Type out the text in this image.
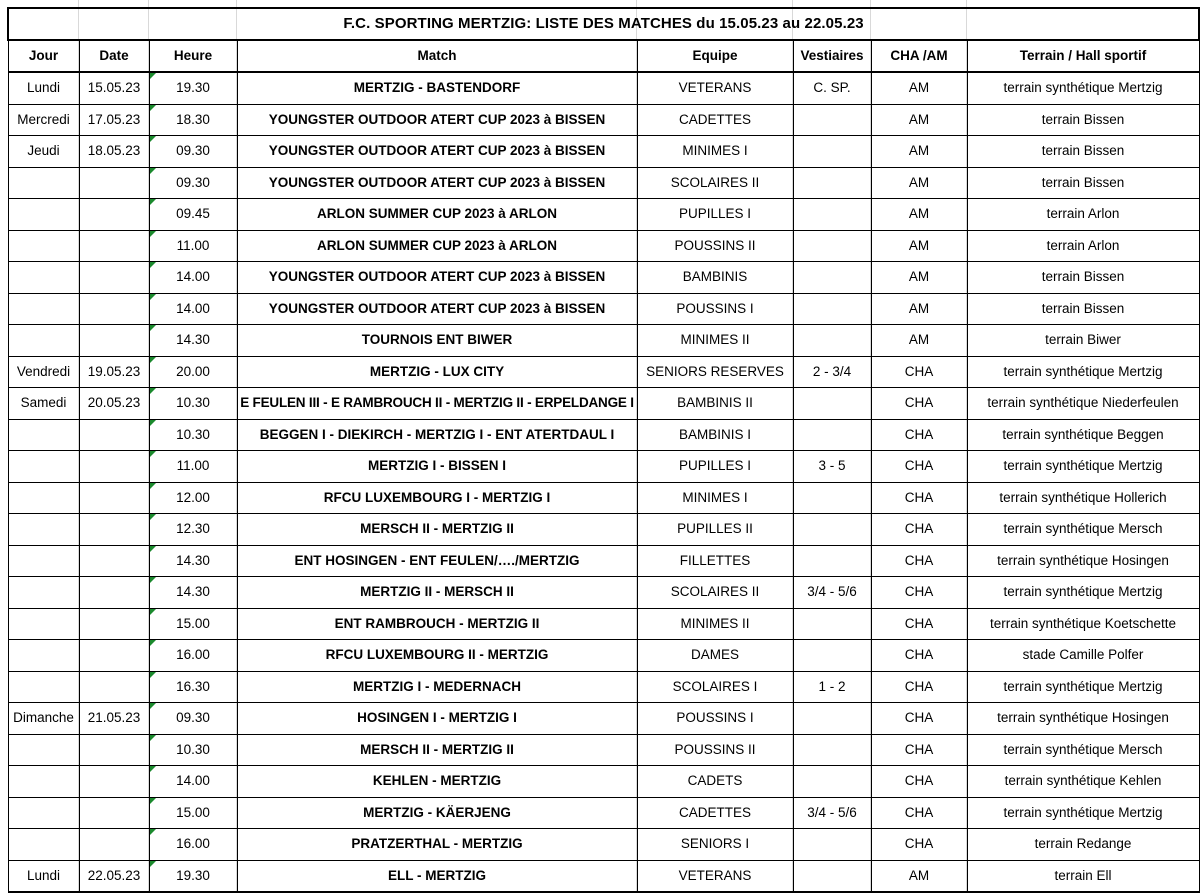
F.C. SPORTING MERTZIG: LISTE DES MATCHES du 15.05.23 au 22.05.23							
Jour	Date	Heure	Match	Equipe	Vestiaires	CHA /AM	Terrain / Hall sportif
Lundi	15.05.23	19.30	MERTZIG - BASTENDORF	VETERANS	C. SP.	AM	terrain synthétique Mertzig
Mercredi	17.05.23	18.30	YOUNGSTER OUTDOOR ATERT CUP 2023 à BISSEN	CADETTES		AM	terrain Bissen
Jeudi	18.05.23	09.30	YOUNGSTER OUTDOOR ATERT CUP 2023 à BISSEN	MINIMES I		AM	terrain Bissen
		09.30	YOUNGSTER OUTDOOR ATERT CUP 2023 à BISSEN	SCOLAIRES II		AM	terrain Bissen
		09.45	ARLON SUMMER CUP 2023 à ARLON	PUPILLES I		AM	terrain Arlon
		11.00	ARLON SUMMER CUP 2023 à ARLON	POUSSINS II		AM	terrain Arlon
		14.00	YOUNGSTER OUTDOOR ATERT CUP 2023 à BISSEN	BAMBINIS		AM	terrain Bissen
		14.00	YOUNGSTER OUTDOOR ATERT CUP 2023 à BISSEN	POUSSINS I		AM	terrain Bissen
		14.30	TOURNOIS ENT BIWER	MINIMES II		AM	terrain Biwer
Vendredi	19.05.23	20.00	MERTZIG - LUX CITY	SENIORS RESERVES	2 - 3/4	CHA	terrain synthétique Mertzig
Samedi	20.05.23	10.30	E FEULEN III - E RAMBROUCH II - MERTZIG II - ERPELDANGE I	BAMBINIS II		CHA	terrain synthétique Niederfeulen
		10.30	BEGGEN I - DIEKIRCH - MERTZIG I - ENT ATERTDAUL I	BAMBINIS I		CHA	terrain synthétique Beggen
		11.00	MERTZIG I - BISSEN I	PUPILLES I	3 - 5	CHA	terrain synthétique Mertzig
		12.00	RFCU LUXEMBOURG I - MERTZIG I	MINIMES I		CHA	terrain synthétique Hollerich
		12.30	MERSCH II - MERTZIG II	PUPILLES II		CHA	terrain synthétique Mersch
		14.30	ENT HOSINGEN - ENT FEULEN/…./MERTZIG	FILLETTES		CHA	terrain synthétique Hosingen
		14.30	MERTZIG II - MERSCH II	SCOLAIRES II	3/4 - 5/6	CHA	terrain synthétique Mertzig
		15.00	ENT RAMBROUCH - MERTZIG II	MINIMES II		CHA	terrain synthétique Koetschette
		16.00	RFCU LUXEMBOURG II - MERTZIG	DAMES		CHA	stade Camille Polfer
		16.30	MERTZIG I - MEDERNACH	SCOLAIRES I	1 - 2	CHA	terrain synthétique Mertzig
Dimanche	21.05.23	09.30	HOSINGEN I - MERTZIG I	POUSSINS I		CHA	terrain synthétique Hosingen
		10.30	MERSCH II - MERTZIG II	POUSSINS II		CHA	terrain synthétique Mersch
		14.00	KEHLEN - MERTZIG	CADETS		CHA	terrain synthétique Kehlen
		15.00	MERTZIG - KÄERJENG	CADETTES	3/4 - 5/6	CHA	terrain synthétique Mertzig
		16.00	PRATZERTHAL - MERTZIG	SENIORS I		CHA	terrain Redange
Lundi	22.05.23	19.30	ELL - MERTZIG	VETERANS		AM	terrain Ell
